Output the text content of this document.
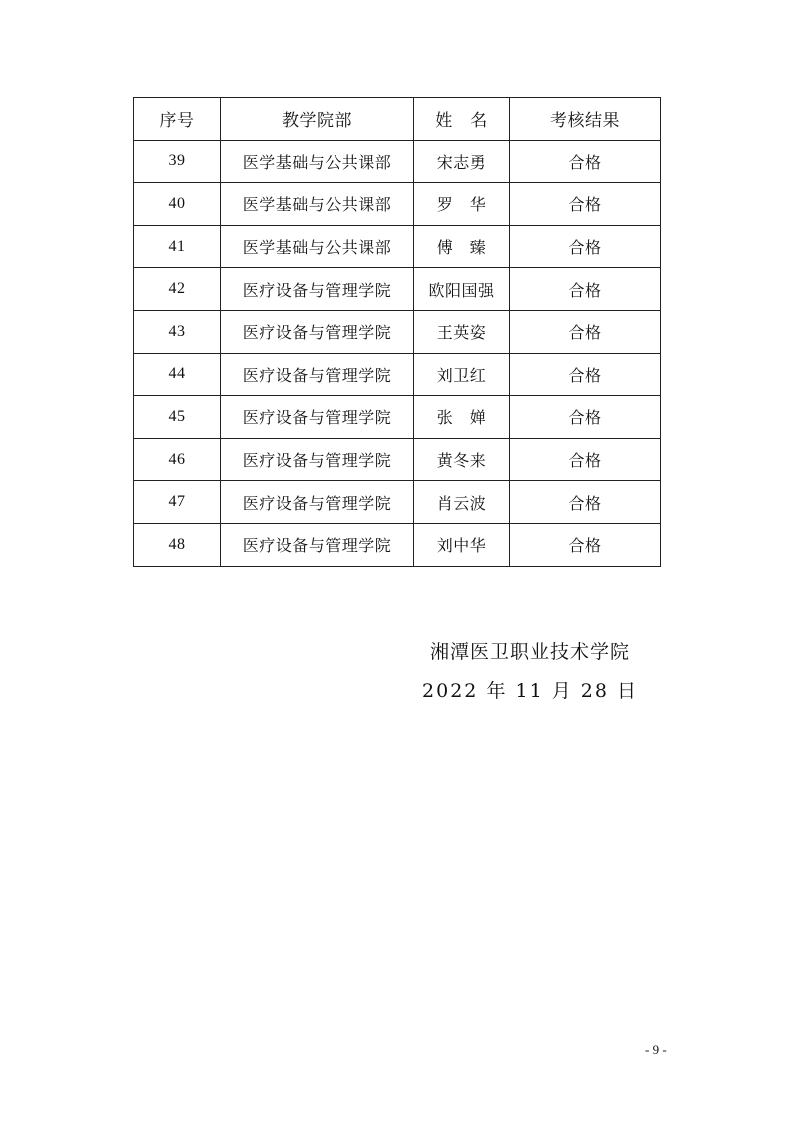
序号	教学院部	姓　名	考核结果
39	医学基础与公共课部	宋志勇	合格
40	医学基础与公共课部	罗　华	合格
41	医学基础与公共课部	傅　臻	合格
42	医疗设备与管理学院	欧阳国强	合格
43	医疗设备与管理学院	王英姿	合格
44	医疗设备与管理学院	刘卫红	合格
45	医疗设备与管理学院	张　婵	合格
46	医疗设备与管理学院	黄冬来	合格
47	医疗设备与管理学院	肖云波	合格
48	医疗设备与管理学院	刘中华	合格
湘潭医卫职业技术学院
2022 年 11 月 28 日
- 9 -
